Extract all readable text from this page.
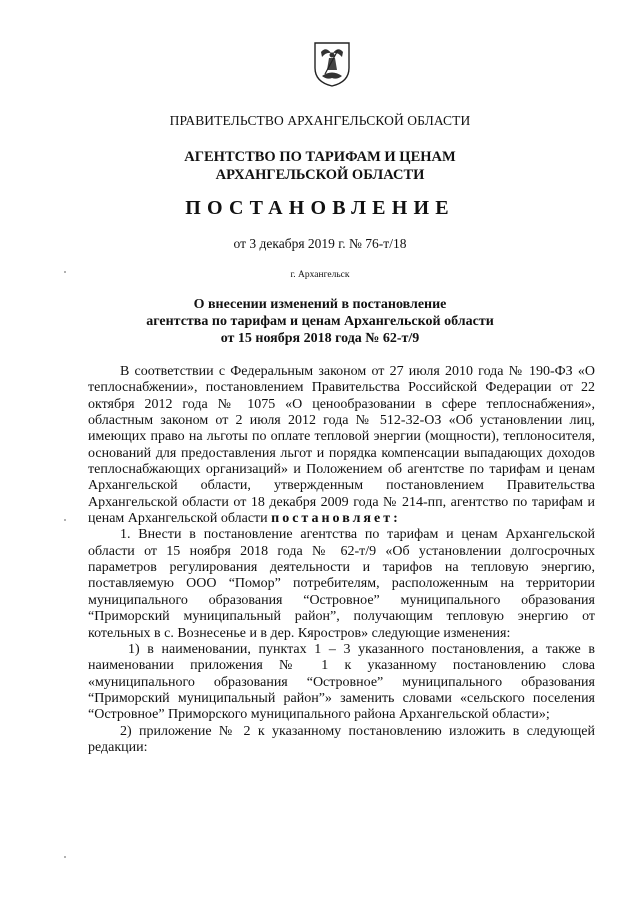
ПРАВИТЕЛЬСТВО АРХАНГЕЛЬСКОЙ ОБЛАСТИ
АГЕНТСТВО ПО ТАРИФАМ И ЦЕНАМ
АРХАНГЕЛЬСКОЙ ОБЛАСТИ
ПОСТАНОВЛЕНИЕ
от 3 декабря 2019 г. № 76-т/18
г. Архангельск
О внесении изменений в постановление
агентства по тарифам и ценам Архангельской области
от 15 ноября 2018 года № 62-т/9

В соответствии с Федеральным законом от 27 июля 2010 года № 190-ФЗ «О теплоснабжении», постановлением Правительства Российской Федерации от 22 октября 2012 года № 1075 «О ценообразовании в сфере теплоснабжения», областным законом от 2 июля 2012 года № 512-32-ОЗ «Об установлении лиц, имеющих право на льготы по оплате тепловой энергии (мощности), теплоносителя, оснований для предоставления льгот и порядка компенсации выпадающих доходов теплоснабжающих организаций» и Положением об агентстве по тарифам и ценам Архангельской области, утвержденным постановлением Правительства Архангельской области от 18 декабря 2009 года № 214-пп, агентство по тарифам и ценам Архангельской области постановляет:

1. Внести в постановление агентства по тарифам и ценам Архангельской области от 15 ноября 2018 года № 62-т/9 «Об установлении долгосрочных параметров регулирования деятельности и тарифов на тепловую энергию, поставляемую ООО “Помор” потребителям, расположенным на территории муниципального образования “Островное” муниципального образования “Приморский муниципальный район”, получающим тепловую энергию от котельных в с. Вознесенье и в дер. Кяростров» следующие изменения:

1) в наименовании, пунктах 1 – 3 указанного постановления, а также в наименовании приложения № 1 к указанному постановлению слова «муниципального образования “Островное” муниципального образования “Приморский муниципальный район”» заменить словами «сельского поселения “Островное” Приморского муниципального района Архангельской области»;

2) приложение № 2 к указанному постановлению изложить в следующей редакции:
